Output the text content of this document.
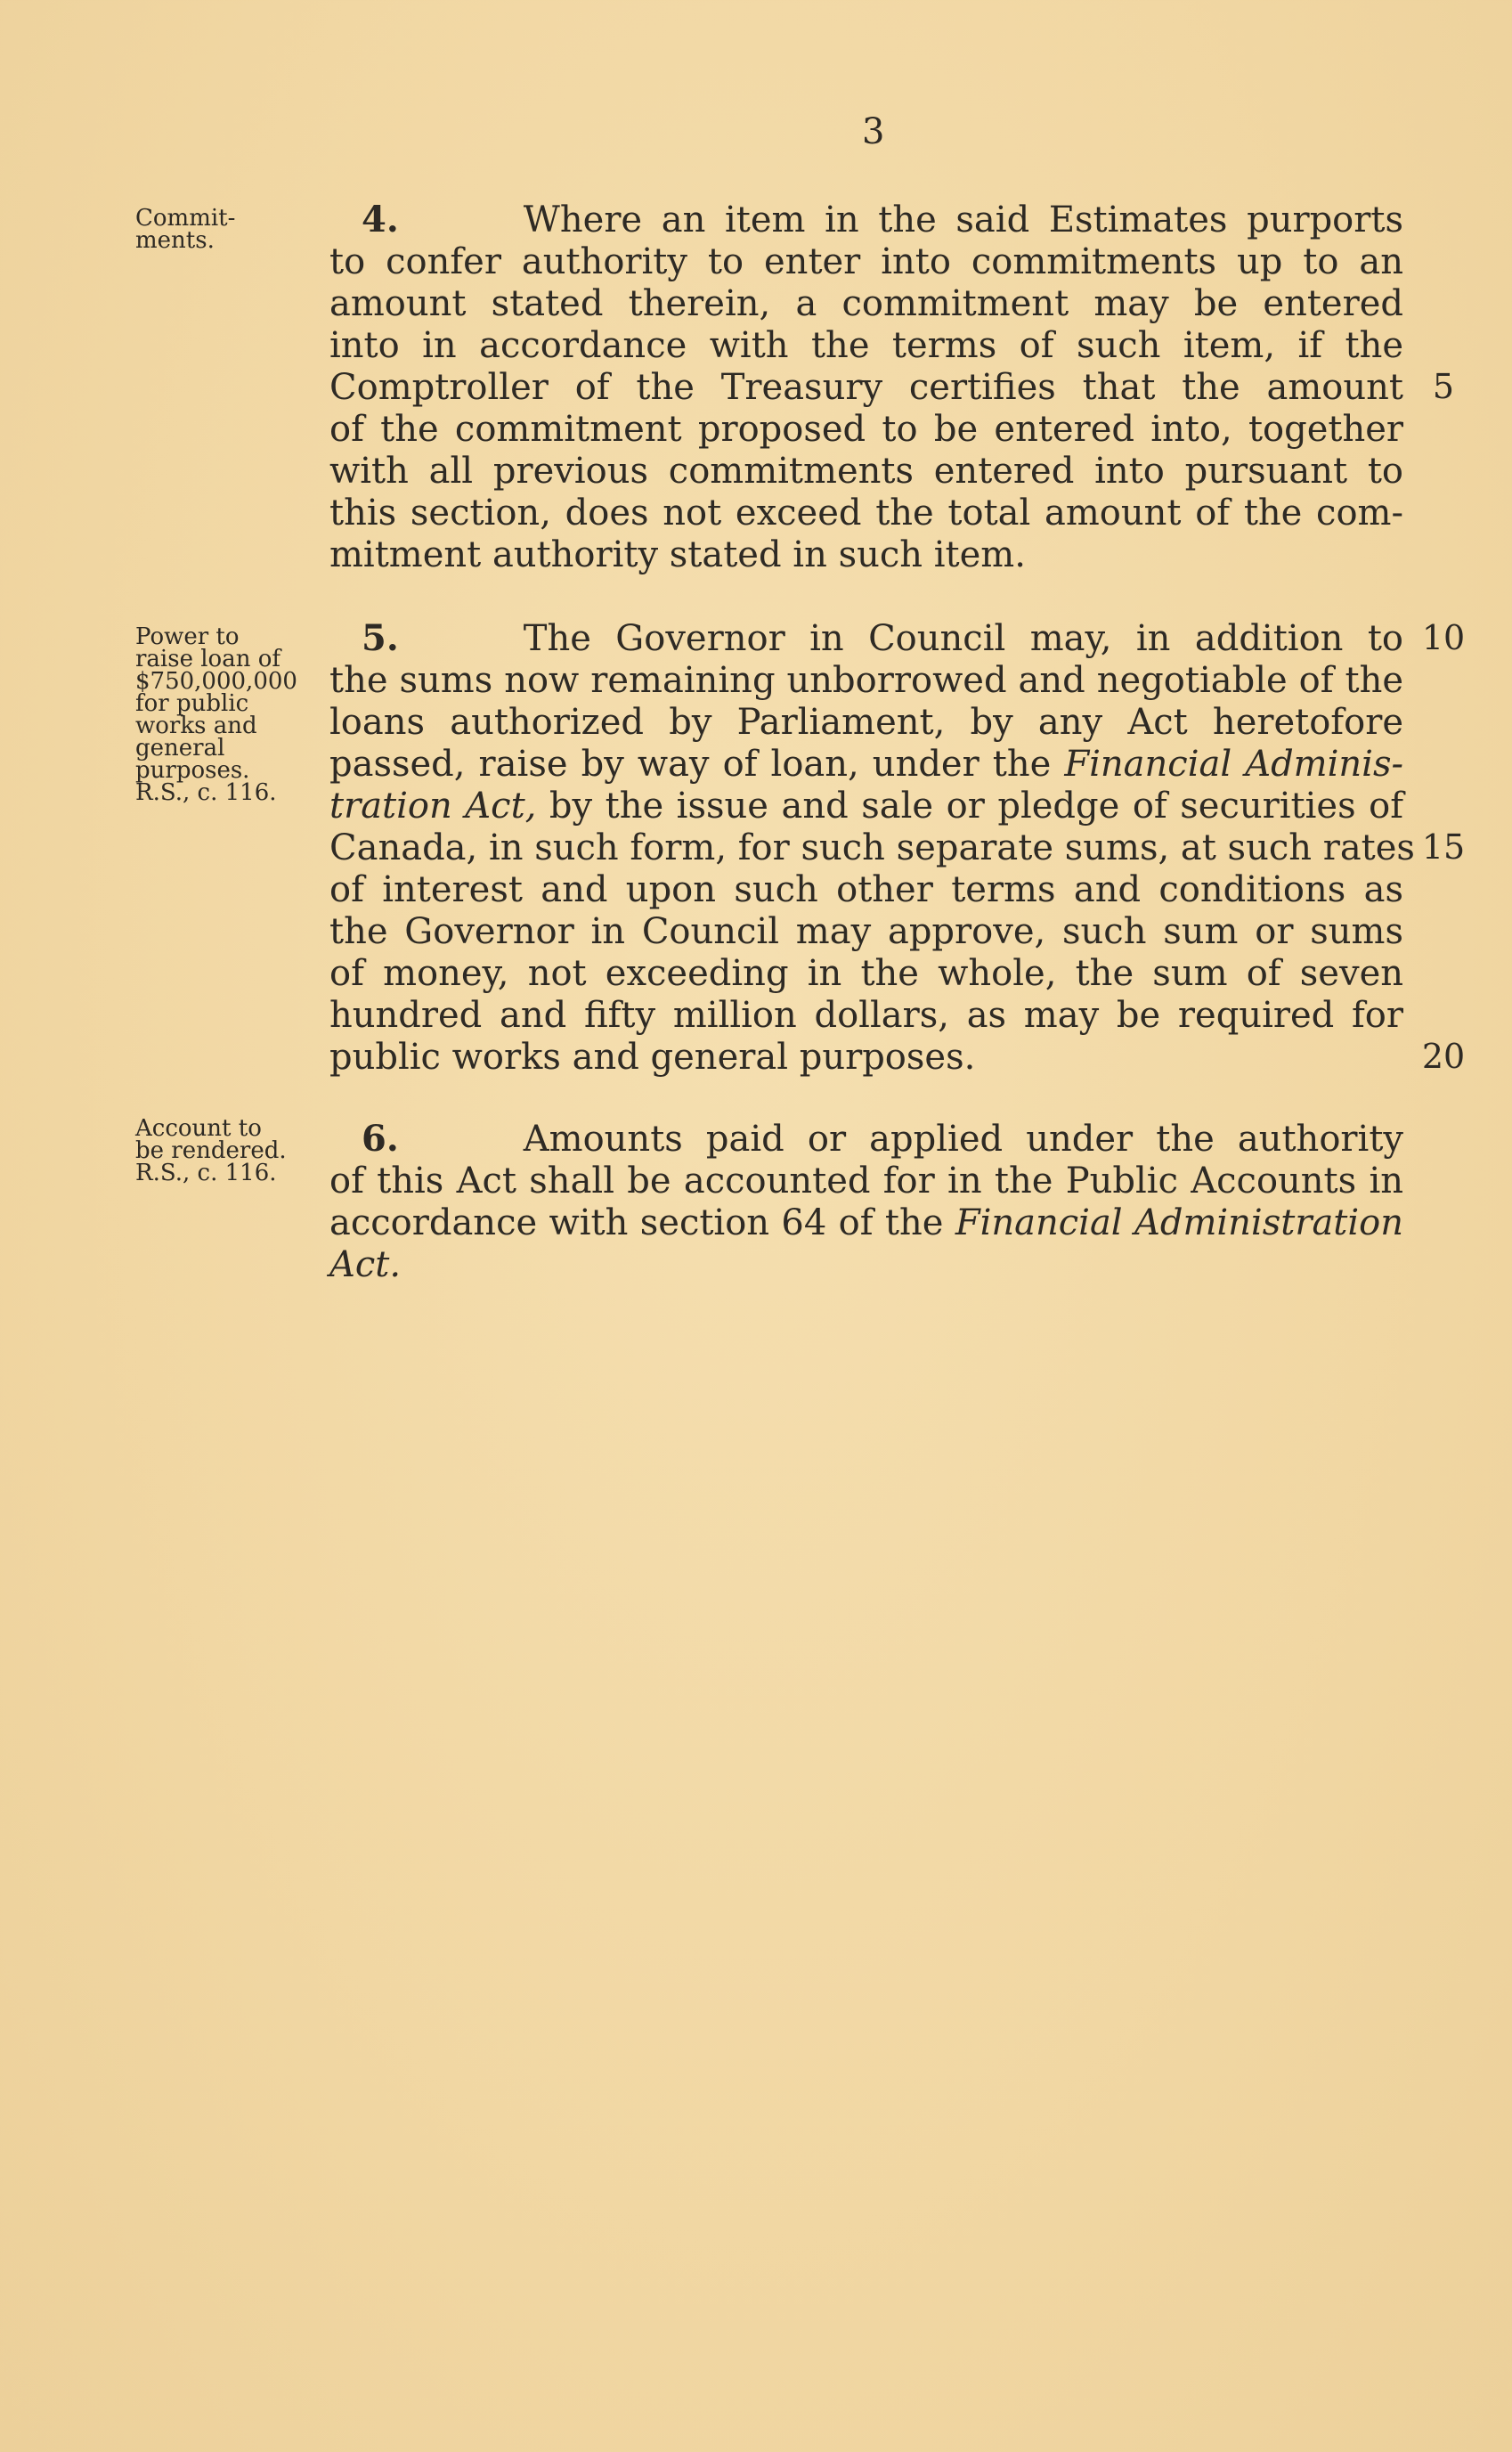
3
Commit-
ments.	4.	Where an item in the said Estimates purports
to confer authority to enter into commitments up to an
amount stated therein, a commitment may be entered
into in accordance with the terms of such item, if the
Comptroller of the Treasury certifies that the amount
of the commitment proposed to be entered into, together
with all previous commitments entered into pursuant to
this section, does not exceed the total amount of the com-
mitment authority stated in such item.
Power to
raise loan of
$750,000,000
for public
works and
general
purposes.
R.S., c. 116.
5.	The Governor in Council may, in addition to
the sums now remaining unborrowed and negotiable of the
loans authorized by Parliament, by any Act heretofore
passed, raise by way of loan, under the Financial Adminis-
tration Act, by the issue and sale or pledge of securities of
Canada, in such form, for such separate sums, at such rates
of interest and upon such other terms and conditions as
the Governor in Council may approve, such sum or sums
of money, not exceeding in the whole, the sum of seven
hundred and fifty million dollars, as may be required for
public works and general purposes.
Account to
be rendered.
R.S., c. 116.
6.	Amounts paid or applied under the authority
of this Act shall be accounted for in the Public Accounts in
accordance with section 64 of the Financial Administration
Act.
5
10
15
20
